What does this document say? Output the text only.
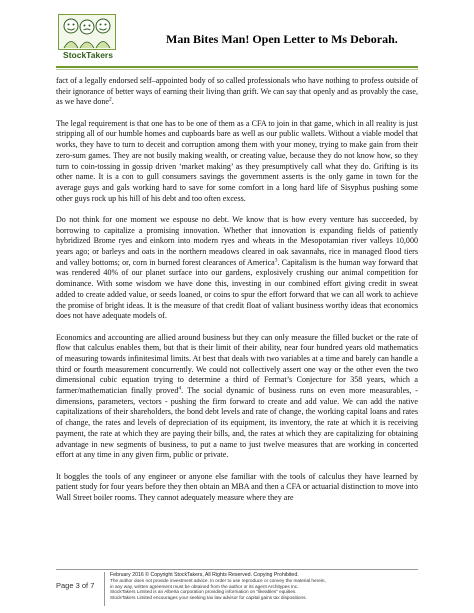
StockTakers
Man Bites Man! Open Letter to Ms Deborah.

fact of a legally endorsed self–appointed body of so called professionals who have nothing to profess outside of their ignorance of better ways of earning their living than grift. We can say that openly and as provably the case, as we have done$^2$.

The legal requirement is that one has to be one of them as a CFA to join in that game, which in all reality is just stripping all of our humble homes and cupboards bare as well as our public wallets. Without a viable model that works, they have to turn to deceit and corruption among them with your money, trying to make gain from their zero-sum games. They are not busily making wealth, or creating value, because they do not know how, so they turn to coin-tossing in gossip driven ‘market making’ as they presumptively call what they do. Grifting is its other name. It is a con to gull consumers savings the government asserts is the only game in town for the average guys and gals working hard to save for some comfort in a long hard life of Sisyphus pushing some other guys rock up his hill of his debt and too often excess.

Do not think for one moment we espouse no debt. We know that is how every venture has succeeded, by borrowing to capitalize a promising innovation. Whether that innovation is expanding fields of patiently hybridized Brome ryes and einkorn into modern ryes and wheats in the Mesopotamian river valleys 10,000 years ago; or barleys and oats in the northern meadows cleared in oak savannahs, rice in managed flood tiers and valley bottoms; or, corn in burned forest clearances of America$^3$. Capitalism is the human way forward that was rendered 40% of our planet surface into our gardens, explosively crushing our animal competition for dominance. With some wisdom we have done this, investing in our combined effort giving credit in sweat added to create added value, or seeds loaned, or coins to spur the effort forward that we can all work to achieve the promise of bright ideas. It is the measure of that credit float of valiant business worthy ideas that economics does not have adequate models of.

Economics and accounting are allied around business but they can only measure the filled bucket or the rate of flow that calculus enables them, but that is their limit of their ability, near four hundred years old mathematics of measuring towards infinitesimal limits. At best that deals with two variables at a time and barely can handle a third or fourth measurement concurrently. We could not collectively assert one way or the other even the two dimensional cubic equation trying to determine a third of Fermat’s Conjecture for 358 years, which a farmer/mathematician finally proved$^4$. The social dynamic of business runs on even more measurables, - dimensions, parameters, vectors - pushing the firm forward to create and add value. We can add the native capitalizations of their shareholders, the bond debt levels and rate of change, the working capital loans and rates of change, the rates and levels of depreciation of its equipment, its inventory, the rate at which it is receiving payment, the rate at which they are paying their bills, and, the rates at which they are capitalizing for obtaining advantage in new segments of business, to put a name to just twelve measures that are working in concerted effort at any time in any given firm, public or private.

It boggles the tools of any engineer or anyone else familiar with the tools of calculus they have learned by patient study for four years before they then obtain an MBA and then a CFA or actuarial distinction to move into Wall Street boiler rooms. They cannot adequately measure where they are

Page 3 of 7
February 2016 © Copyright StockTakers, All Rights Reserved. Copying Prohibited.
The author does not provide investment advice. In order to use reproduce or convey the material herein,
in any way, written agreement must be obtained from the author or its agent Architypes Inc.
StockTakers Limited is an Alberta corporation providing information on “likeables” equities.
StockTakers Limited encourages your seeking tax law advisor for capital gains tax dispositions.
